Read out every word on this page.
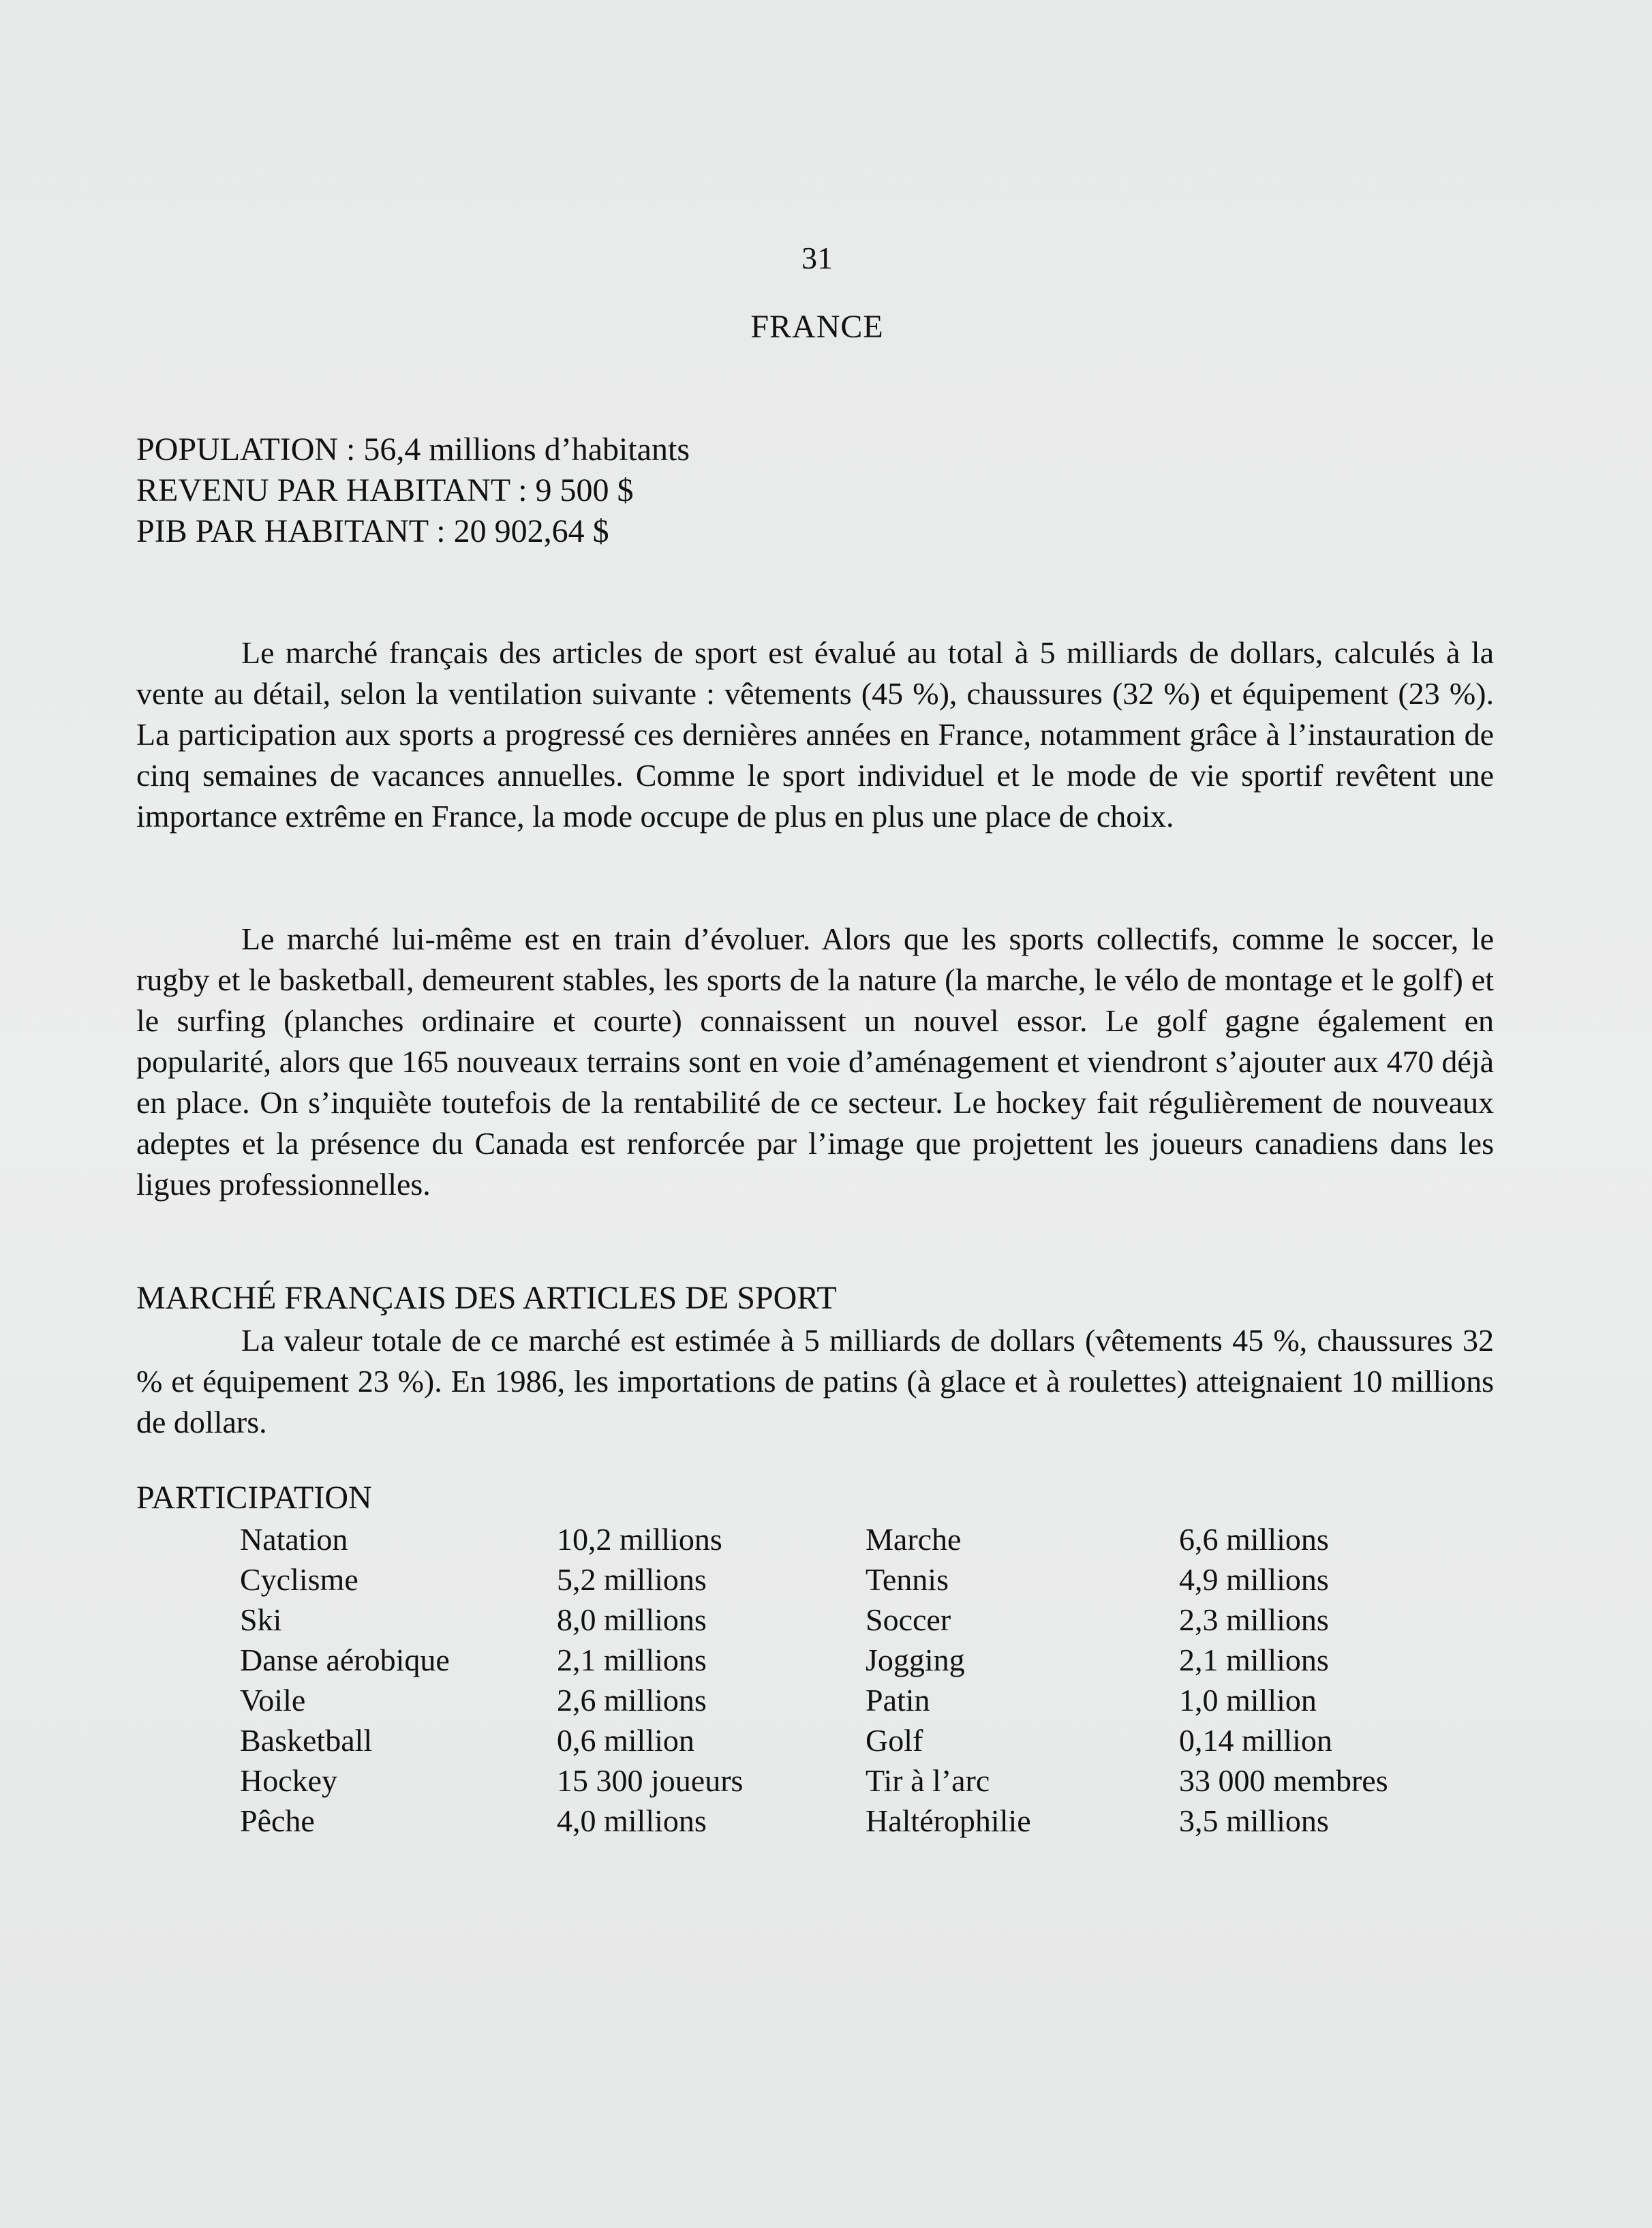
31
FRANCE
POPULATION : 56,4 millions d’habitants
REVENU PAR HABITANT : 9 500 $
PIB PAR HABITANT : 20 902,64 $

Le marché français des articles de sport est évalué au total à 5 milliards de dollars, calculés à la vente au détail, selon la ventilation suivante : vêtements (45 %), chaussures (32 %) et équipement (23 %). La participation aux sports a progressé ces dernières années en France, notamment grâce à l’instauration de cinq semaines de vacances annuelles. Comme le sport individuel et le mode de vie sportif revêtent une importance extrême en France, la mode occupe de plus en plus une place de choix.

Le marché lui-même est en train d’évoluer. Alors que les sports collectifs, comme le soccer, le rugby et le basketball, demeurent stables, les sports de la nature (la marche, le vélo de montage et le golf) et le surfing (planches ordinaire et courte) connaissent un nouvel essor. Le golf gagne également en popularité, alors que 165 nouveaux terrains sont en voie d’aménagement et viendront s’ajouter aux 470 déjà en place. On s’inquiète toutefois de la rentabilité de ce secteur. Le hockey fait régulièrement de nouveaux adeptes et la présence du Canada est renforcée par l’image que projettent les joueurs canadiens dans les ligues professionnelles.

MARCHÉ FRANÇAIS DES ARTICLES DE SPORT

La valeur totale de ce marché est estimée à 5 milliards de dollars (vêtements 45 %, chaussures 32 % et équipement 23 %). En 1986, les importations de patins (à glace et à roulettes) atteignaient 10 millions de dollars.

PARTICIPATION
Natation	10,2 millions	Marche	6,6 millions
Cyclisme	5,2 millions	Tennis	4,9 millions
Ski	8,0 millions	Soccer	2,3 millions
Danse aérobique	2,1 millions	Jogging	2,1 millions
Voile	2,6 millions	Patin	1,0 million
Basketball	0,6 million	Golf	0,14 million
Hockey	15 300 joueurs	Tir à l’arc	33 000 membres
Pêche	4,0 millions	Haltérophilie	3,5 millions
